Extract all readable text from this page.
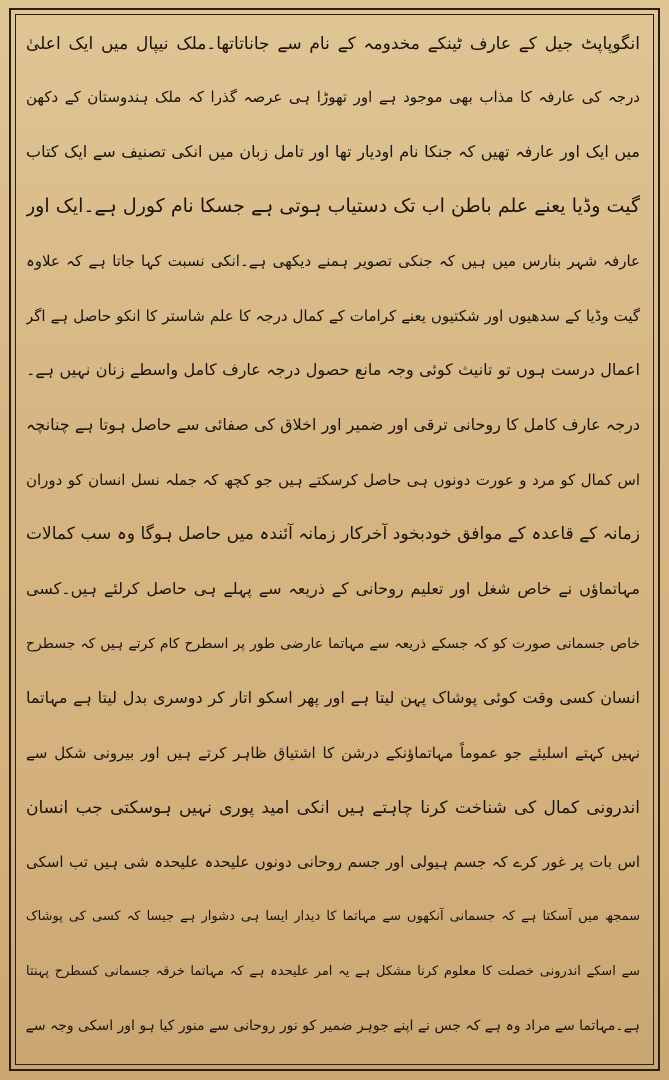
انگوپاپٹ جیل کے عارف ٹینکے مخدومہ کے نام سے جاناتاتھا۔ملک نیپال میں ایک اعلیٰ
درجہ کی عارفہ کا مذاب بھی موجود ہے اور تھوڑا ہی عرصہ گذرا کہ ملک ہندوستان کے دکھن
میں ایک اور عارفہ تھیں کہ جنکا نام اودیار تھا اور تامل زبان میں انکی تصنیف سے ایک کتاب
گیت وڈیا یعنے علم باطن اب تک دستیاب ہوتی ہے جسکا نام کورل ہے۔ایک اور
عارفہ شہر بنارس میں ہیں کہ جنکی تصویر ہمنے دیکھی ہے۔انکی نسبت کہا جاتا ہے کہ علاوہ
گیت وڈیا کے سدھیوں اور شکتیوں یعنے کرامات کے کمال درجہ کا علم شاستر کا انکو حاصل ہے اگر
اعمال درست ہوں تو تانیث کوئی وجہ مانع حصول درجہ عارف کامل واسطے زنان نہیں ہے۔
درجہ عارف کامل کا روحانی ترقی اور ضمیر اور اخلاق کی صفائی سے حاصل ہوتا ہے چنانچہ
اس کمال کو مرد و عورت دونوں ہی حاصل کرسکتے ہیں جو کچھ کہ جملہ نسل انسان کو دوران
زمانہ کے قاعدہ کے موافق خودبخود آخرکار زمانہ آئندہ میں حاصل ہوگا وہ سب کمالات
مہاتماؤں نے خاص شغل اور تعلیم روحانی کے ذریعہ سے پہلے ہی حاصل کرلئے ہیں۔کسی
خاص جسمانی صورت کو کہ جسکے ذریعہ سے مہاتما عارضی طور پر اسطرح کام کرتے ہیں کہ جسطرح
انسان کسی وقت کوئی پوشاک پہن لیتا ہے اور پھر اسکو اتار کر دوسری بدل لیتا ہے مہاتما
نہیں کہتے اسلیئے جو عموماً مہاتماؤنکے درشن کا اشتیاق ظاہر کرتے ہیں اور بیرونی شکل سے
اندرونی کمال کی شناخت کرنا چاہتے ہیں انکی امید پوری نہیں ہوسکتی جب انسان
اس بات پر غور کرے کہ جسم ہیولی اور جسم روحانی دونوں علیحدہ علیحدہ شی ہیں تب اسکی
سمجھ میں آسکتا ہے کہ جسمانی آنکھوں سے مہاتما کا دیدار ایسا ہی دشوار ہے جیسا کہ کسی کی پوشاک
سے اسکے اندرونی خصلت کا معلوم کرنا مشکل ہے یہ امر علیحدہ ہے کہ مہاتما خرقہ جسمانی کسطرح پہنتا
ہے۔مہاتما سے مراد وہ ہے کہ جس نے اپنے جوہر ضمیر کو نور روحانی سے منور کیا ہو اور اسکی وجہ سے
